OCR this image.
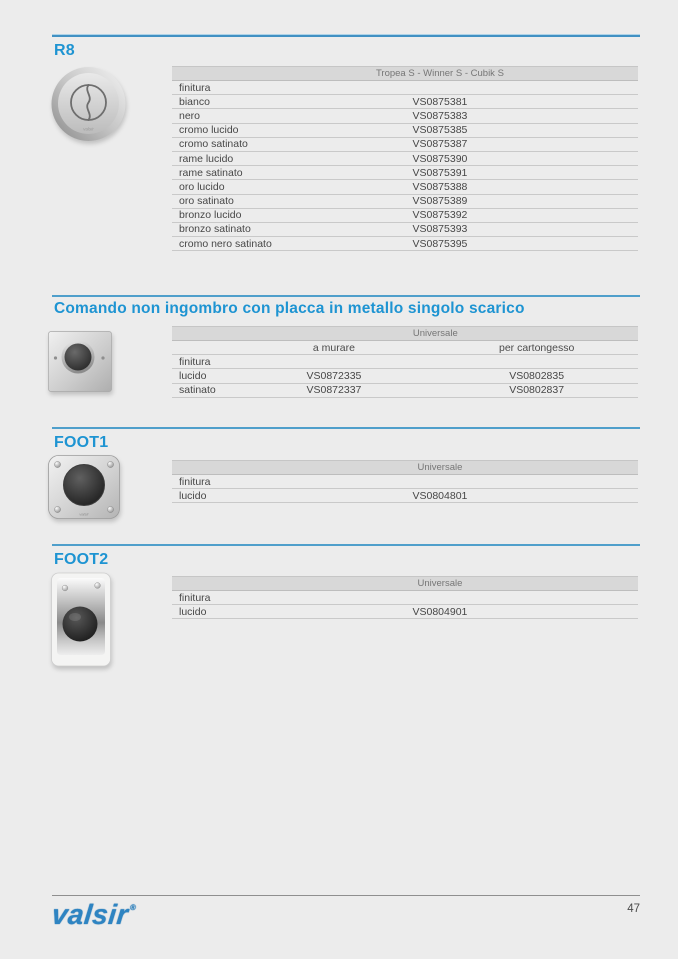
R8
valsir
	Tropea S - Winner S - Cubik S
finitura	
bianco	VS0875381
nero	VS0875383
cromo lucido	VS0875385
cromo satinato	VS0875387
rame lucido	VS0875390
rame satinato	VS0875391
oro lucido	VS0875388
oro satinato	VS0875389
bronzo lucido	VS0875392
bronzo satinato	VS0875393
cromo nero satinato	VS0875395
Comando non ingombro con placca in metallo singolo scarico
	Universale	
	a murare	per cartongesso
finitura		
lucido	VS0872335	VS0802835
satinato	VS0872337	VS0802837
FOOT1
valsir
	Universale
finitura	
lucido	VS0804801
FOOT2
	Universale
finitura	
lucido	VS0804901
valsir®	47
